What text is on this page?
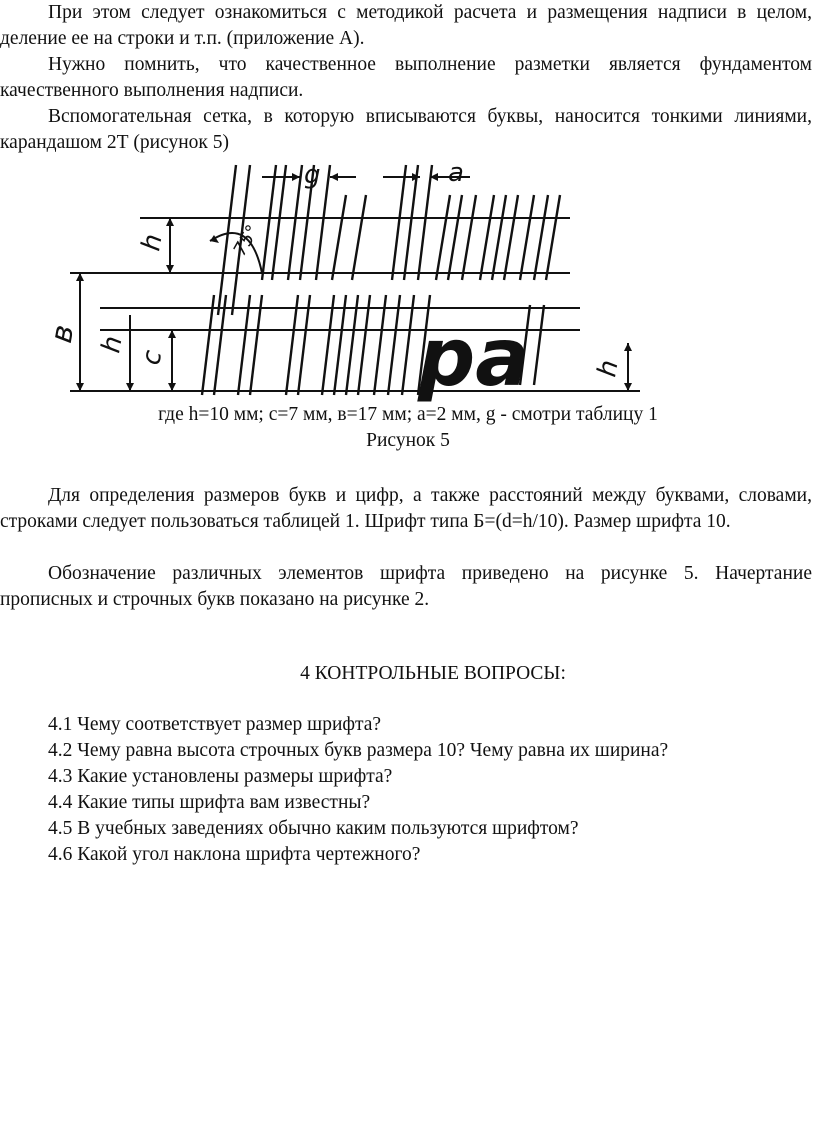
При этом следует ознакомиться с методикой расчета и размещения надписи в целом, деление ее на строки и т.п. (приложение А).
Нужно помнить, что качественное выполнение разметки является фундаментом качественного выполнения надписи.
Вспомогательная сетка, в которую вписываются буквы, наносится тонкими линиями, карандашом 2Т (рисунок 5)
g	a
h	75°
в h
c
h
pa
где h=10 мм; c=7 мм, в=17 мм; a=2 мм, g - смотри таблицу 1
Рисунок 5
Для определения размеров букв и цифр, а также расстояний между буквами, словами, строками следует пользоваться таблицей 1. Шрифт типа Б=(d=h/10). Размер шрифта 10.
Обозначение различных элементов шрифта приведено на рисунке 5. Начертание прописных и строчных букв показано на рисунке 2.
4 КОНТРОЛЬНЫЕ ВОПРОСЫ:
4.1 Чему соответствует размер шрифта?
4.2 Чему равна высота строчных букв размера 10? Чему равна их ширина?
4.3 Какие установлены размеры шрифта?
4.4 Какие типы шрифта вам известны?
4.5 В учебных заведениях обычно каким пользуются шрифтом?
4.6 Какой угол наклона шрифта чертежного?
